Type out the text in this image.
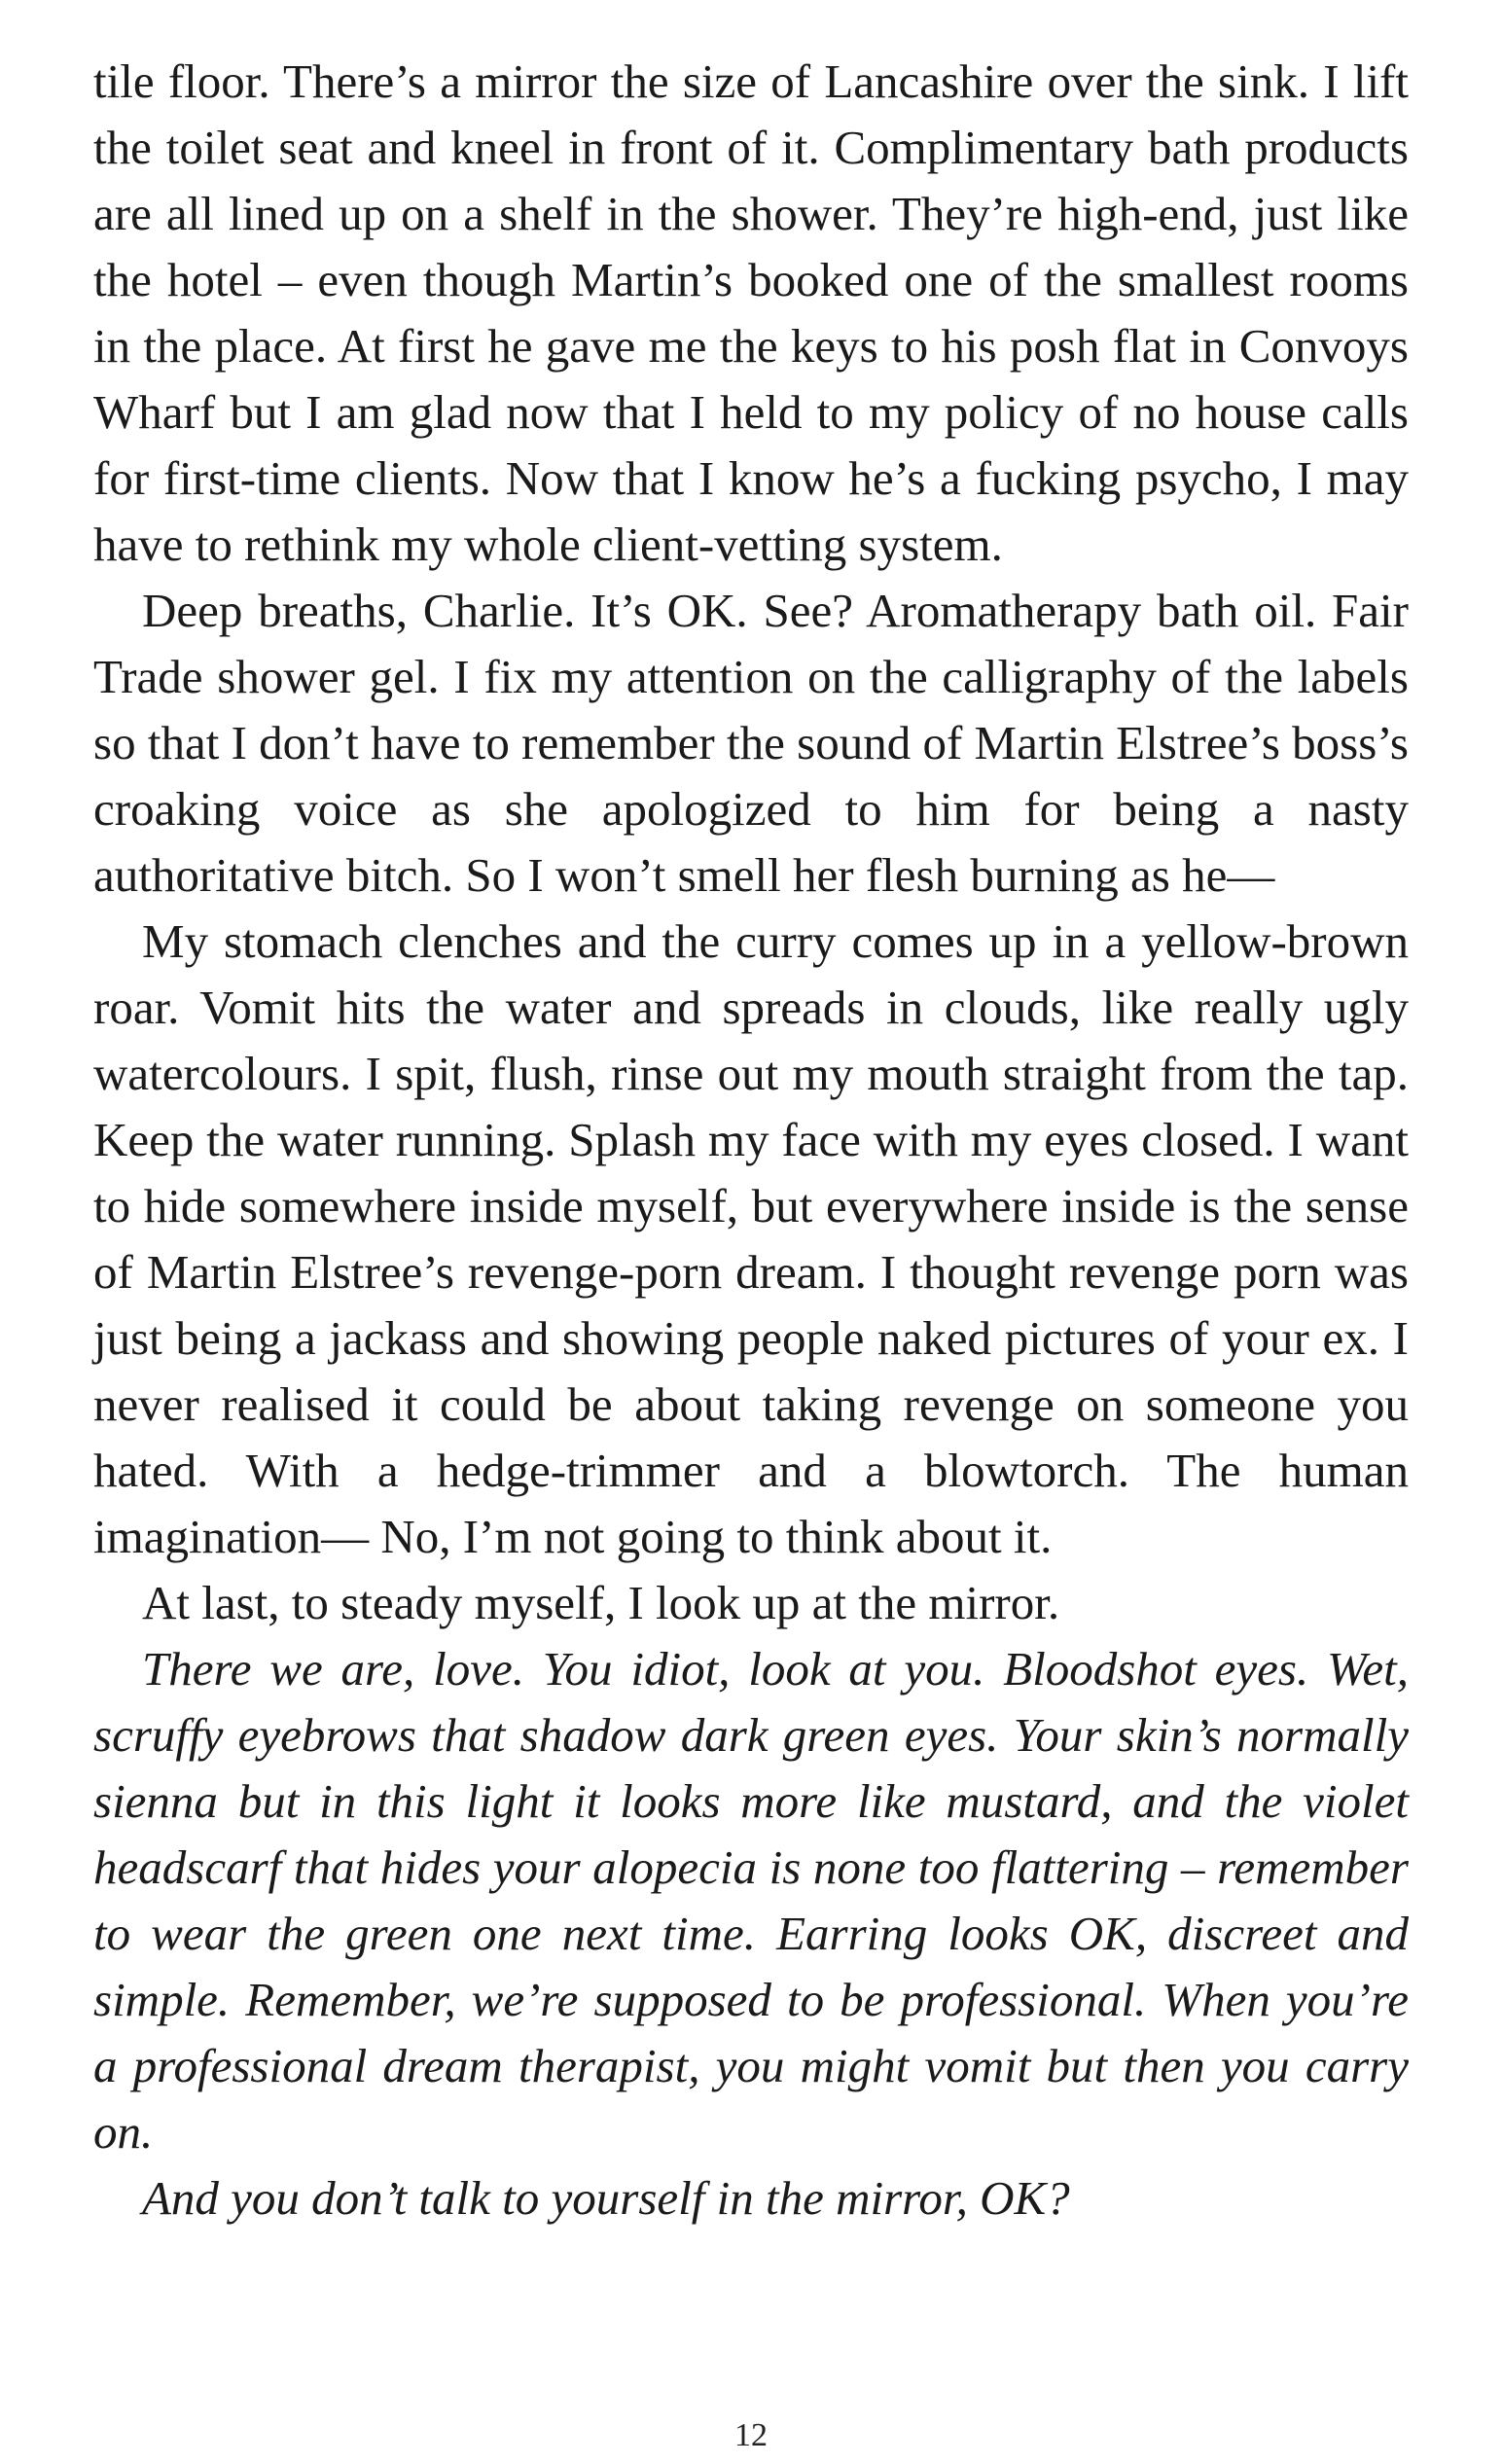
tile floor. There’s a mirror the size of Lancashire over the sink. I lift the toilet seat and kneel in front of it. Complimentary bath products are all lined up on a shelf in the shower. They’re high-end, just like the hotel – even though Martin’s booked one of the smallest rooms in the place. At first he gave me the keys to his posh flat in Convoys Wharf but I am glad now that I held to my policy of no house calls for first-time clients. Now that I know he’s a fucking psycho, I may have to rethink my whole client-vetting system.

Deep breaths, Charlie. It’s OK. See? Aromatherapy bath oil. Fair Trade shower gel. I fix my attention on the calligraphy of the labels so that I don’t have to remember the sound of Martin Elstree’s boss’s croaking voice as she apologized to him for being a nasty authoritative bitch. So I won’t smell her flesh burning as he—

My stomach clenches and the curry comes up in a yellow-brown roar. Vomit hits the water and spreads in clouds, like really ugly watercolours. I spit, flush, rinse out my mouth straight from the tap. Keep the water running. Splash my face with my eyes closed. I want to hide somewhere inside myself, but everywhere inside is the sense of Martin Elstree’s revenge-porn dream. I thought revenge porn was just being a jackass and showing people naked pictures of your ex. I never realised it could be about taking revenge on someone you hated. With a hedge-trimmer and a blowtorch. The human imagination— No, I’m not going to think about it.

At last, to steady myself, I look up at the mirror.

There we are, love. You idiot, look at you. Bloodshot eyes. Wet, scruffy eyebrows that shadow dark green eyes. Your skin’s normally sienna but in this light it looks more like mustard, and the violet headscarf that hides your alopecia is none too flattering – remember to wear the green one next time. Earring looks OK, discreet and simple. Remember, we’re supposed to be professional. When you’re a professional dream therapist, you might vomit but then you carry on.

And you don’t talk to yourself in the mirror, OK?

12
